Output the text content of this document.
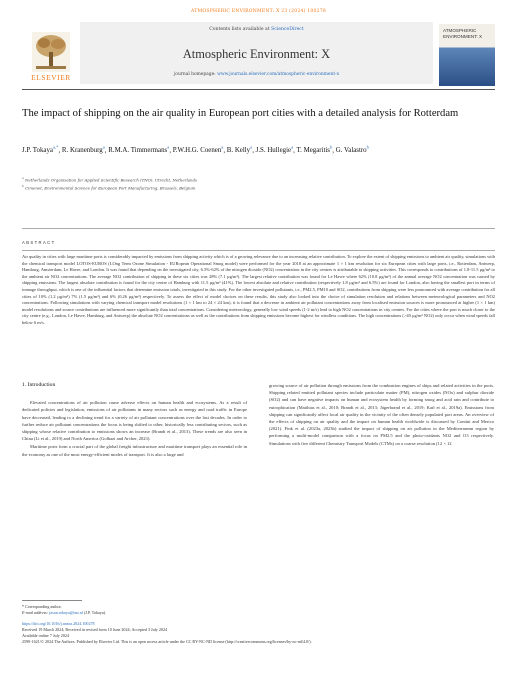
ATMOSPHERIC ENVIRONMENT: X 23 (2024) 100278
ELSEVIER
Contents lists available at ScienceDirect
Atmospheric Environment: X
journal homepage: www.journals.elsevier.com/atmospheric-environment-x
ATMOSPHERIC ENVIRONMENT: X
The impact of shipping on the air quality in European port cities with a detailed analysis for Rotterdam
J.P. Tokaya$^{a,*}$, R. Kranenburg$^a$, R.M.A. Timmermans$^a$, P.W.H.G. Coenen$^a$, B. Kelly$^a$, J.S. Hullegie$^a$, T. Megaritis$^b$, G. Valastro$^b$
$^a$ Netherlands Organisation for Applied Scientific Research (TNO), Utrecht, Netherlands
$^b$ Cimenet, Environmental Science for European Port Manufacturing, Brussels, Belgium
ABSTRACT
Air quality in cities with large maritime ports is considerably impacted by emissions from shipping activity which is of a growing relevance due to an increasing relative contribution. To explore the extent of shipping emissions to ambient air quality, simulations with the chemical transport model LOTOS-EUROS (LOng Term Ozone Simulation - EURopean Operational Smog model) were performed for the year 2018 at an approximate 1 × 1 km resolution for six European cities with large ports, i.e., Rotterdam, Antwerp, Hamburg, Amsterdam, Le Havre, and London. It was found that depending on the investigated city, 6.5%-62% of the nitrogen dioxide (NO2) concentration in the city centres is attributable to shipping activities. This corresponds to contributions of 1.8-11.5 µg/m³ to the ambient air NO2 concentrations. The average NO2 contribution of shipping in these six cities was 28% (7.1 µg/m³). The largest relative contribution was found for Le Havre where 62% (10.8 µg/m³) of the annual average NO2 concentration was caused by shipping emissions. The largest absolute contribution is found for the city centre of Hamburg with 11.5 µg/m³ (41%). The lowest absolute and relative contribution (respectively 1.8 µg/m³ and 6.5%) are found for London, also having the smallest port in terms of tonnage throughput, which is one of the influential factors that determine emission totals, investigated in this study. For the other investigated pollutants, i.e., PM2.5, PM10 and SO2, contributions from shipping were less pronounced with average contribution for all cities of 10% (1.2 µg/m³) 7% (1.5 µg/m³) and 6% (0.26 µg/m³) respectively. To assess the effect of model choices on these results, this study also looked into the choice of simulation resolution and relations between meteorological parameters and NO2 concentrations. Following simulations with varying chemical transport model resolutions (1 × 1 km to 24 × 24 km), it is found that a decrease in ambient air pollutant concentrations away from localised emission sources is more pronounced at higher (1 × 1 km) model resolutions and source contributions are influenced more significantly than total concentrations. Considering meteorology, generally low wind speeds (1-2 m/s) lead to high NO2 concentrations in city centres. For the cities where the port is much closer to the city centre (e.g., London, Le Havre, Hamburg, and Antwerp) the absolute NO2 concentrations as well as the contributions from shipping emissions become highest for windless conditions. The high concentrations (>40 µg/m³ NO2) only occur when wind speeds fall below 6 m/s.
1. Introduction

Elevated concentrations of air pollution cause adverse effects on human health and ecosystems. As a result of dedicated policies and legislation, emissions of air pollutants in many sectors such as energy and road traffic in Europe have decreased, leading to a declining trend for a variety of air pollutant concentrations over the last decades. In order to further reduce air pollutant concentrations the focus is being shifted to other, historically less contributing sectors, such as shipping whose relative contribution to emissions shows an increase (Brandt et al., 2013). These trends are also seen in China (Li et al., 2019) and North America (Golbazi and Archer, 2023).

Maritime ports form a crucial part of the global freight infrastructure and maritime transport plays an essential role in the economy as one of the most energy-efficient modes of transport. It is also a large and

growing source of air pollution through emissions from the combustion engines of ships and related activities in the ports. Shipping related emitted pollutant species include particulate matter (PM), nitrogen oxides (NOx) and sulphur dioxide (SO2) and can have negative impacts on human and ecosystem health by forming smog and acid rain and contribute to eutrophication (Matthias et al., 2010; Brandt et al., 2013; Jägerbrand et al., 2019; Karl et al., 2019a). Emissions from shipping can significantly affect local air quality in the vicinity of the often densely populated port areas. An overview of the effects of shipping on air quality and the impact on human health worldwide is discussed by Contini and Merico (2021). Fink et al. (2023a, 2023b) studied the impact of shipping on air pollution in the Mediterranean region by performing a multi-model comparison with a focus on PM2.5 and the photo-oxidants NO2 and O3 respectively. Simulations with five different Chemistry Transport Models (CTMs) on a coarse resolution (12 × 12

* Corresponding author.
E-mail address: jason.tokaya@tno.nl (J.P. Tokaya).
https://doi.org/10.1016/j.aeaoa.2024.100278
Received 19 March 2024; Received in revised form 10 June 2024; Accepted 3 July 2024
Available online 7 July 2024
2590-1621/© 2024 The Authors. Published by Elsevier Ltd. This is an open access article under the CC BY-NC-ND license (http://creativecommons.org/licenses/by-nc-nd/4.0/).
